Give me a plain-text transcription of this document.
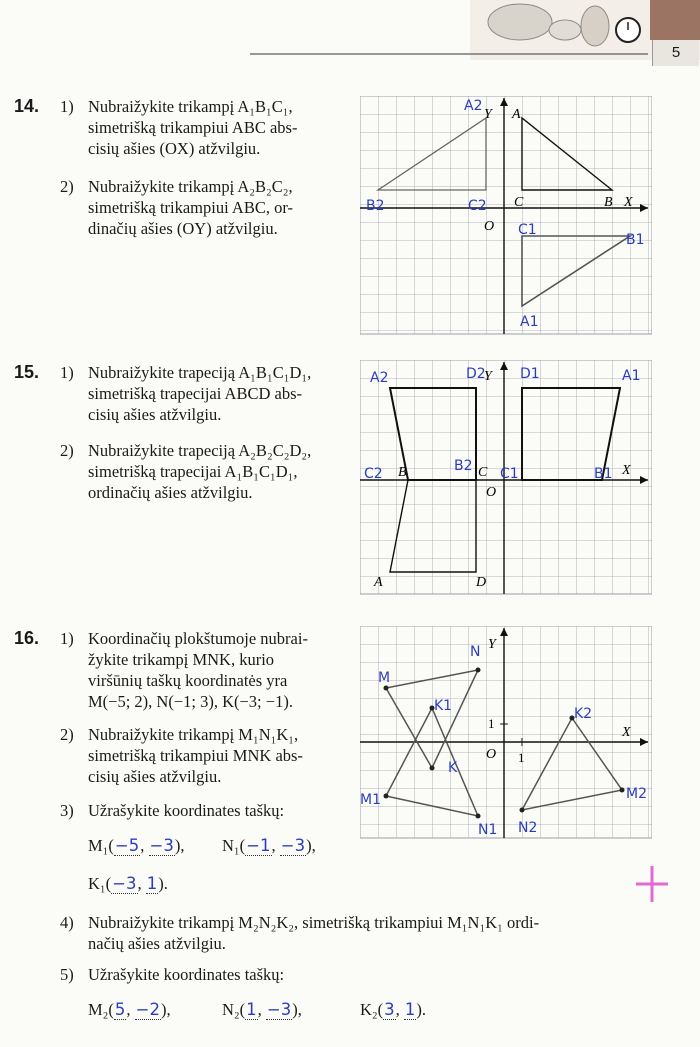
5
14. 1) Nubraižykite trikampį A₁B₁C₁,
simetrišką trikampiui ABC abs-
cisių ašies (OX) atžvilgiu.
2) Nubraižykite trikampį A₂B₂C₂,
simetrišką trikampiui ABC, or-
dinačių ašies (OY) atžvilgiu.
A
C	B X
Y
O
A2
B2	C2
C1
B1
A1
15. 1) Nubraižykite trapeciją A₁B₁C₁D₁,
simetrišką trapecijai ABCD abs-
cisių ašies atžvilgiu.
2) Nubraižykite trapeciją A₂B₂C₂D₂,
simetrišką trapecijai A₁B₁C₁D₁,
ordinačių ašies atžvilgiu.
A	D
B	C
O
X
Y
A2	D2 D1	A1
C2	B2 C1	B1
16. 1) Koordinačių plokštumoje nubrai-
žykite trikampį MNK, kurio
viršūnių taškų koordinatės yra
M(−5; 2), N(−1; 3), K(−3; −1).
2) Nubraižykite trikampį M₁N₁K₁,
simetrišką trikampiui MNK abs-
cisių ašies atžvilgiu.
3) Užrašykite koordinates taškų:
M₁(−5, −3), N₁(−1, −3),
K₁(−3, 1).
X
Y
O 1
1
M
N
K1
K
M1
N1 N2
K2
M2
4) Nubraižykite trikampį M₂N₂K₂, simetrišką trikampiui M₁N₁K₁ ordi-
načių ašies atžvilgiu.
5) Užrašykite koordinates taškų:
M₂(5, −2),	N₂(1, −3),	K₂(3, 1).
